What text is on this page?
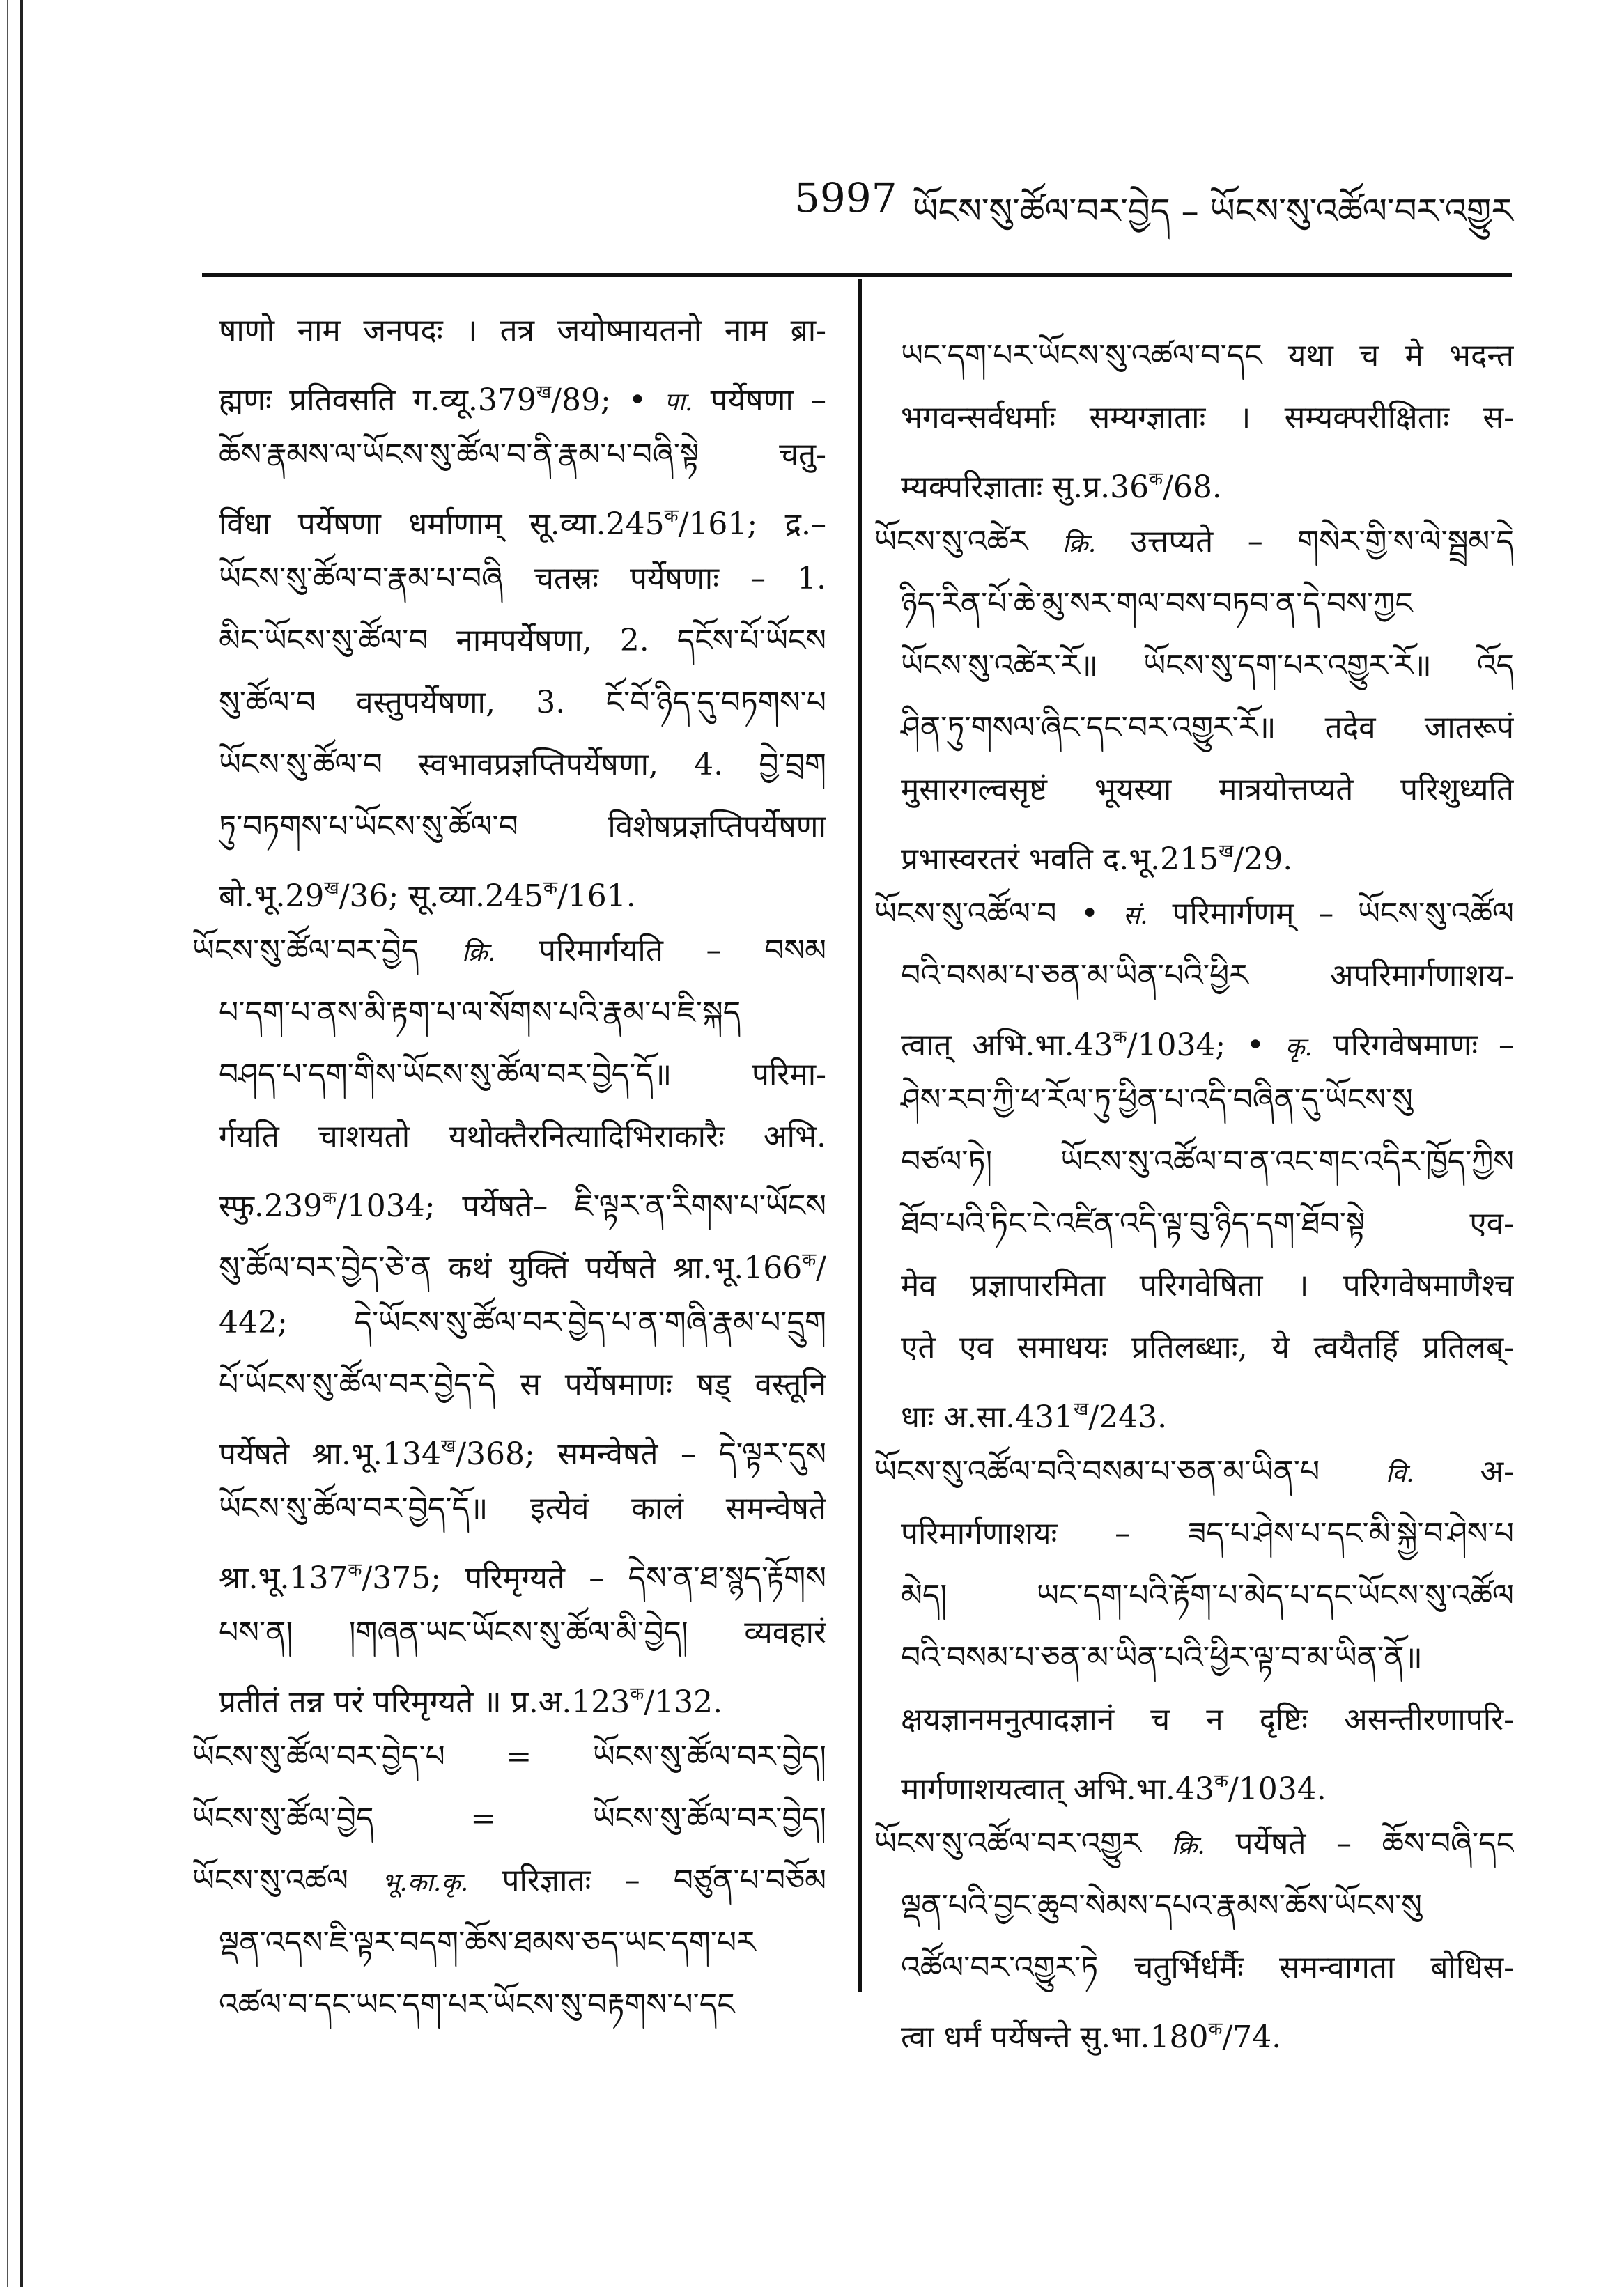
5997 ཡོངས་སུ་ཚོལ་བར་བྱེད – ཡོངས་སུ་འཚོལ་བར་འགྱུར
षाणो नाम जनपदः । तत्र जयोष्मायतनो नाम ब्रा-
ह्मणः प्रतिवसति $ग.व्यू.379^ख/89$; • पा. पर्येषणा –
ཆོས་རྣམས་ལ་ཡོངས་སུ་ཚོལ་བ་ནི་རྣམ་པ་བཞི་སྟེ चतु-
र्विधा पर्येषणा धर्माणाम् $सू.व्या.245^क/161$; द्र.–
ཡོངས་སུ་ཚོལ་བ་རྣམ་པ་བཞི चतस्रः पर्येषणाः – 1.
མིང་ཡོངས་སུ་ཚོལ་བ नामपर्येषणा, 2. དངོས་པོ་ཡོངས
སུ་ཚོལ་བ वस्तुपर्येषणा, 3. ངོ་བོ་ཉིད་དུ་བཏགས་པ
ཡོངས་སུ་ཚོལ་བ स्वभावप्रज्ञप्तिपर्येषणा, 4. བྱེ་བྲག
ཏུ་བཏགས་པ་ཡོངས་སུ་ཚོལ་བ विशेषप्रज्ञप्तिपर्येषणा
$बो.भू.29^ख/36$; $सू.व्या.245^क/161$.
ཡོངས་སུ་ཚོལ་བར་བྱེད क्रि. परिमार्गयति – བསམ
པ་དག་པ་ནས་མི་རྟག་པ་ལ་སོགས་པའི་རྣམ་པ་ཇི་སྐད
བཤད་པ་དག་གིས་ཡོངས་སུ་ཚོལ་བར་བྱེད་དོ॥ परिमा-
र्गयति चाशयतो यथोक्तैरनित्यादिभिराकारैः अभि.
$स्फु.239^क/1034$; पर्येषते– ཇི་ལྟར་ན་རིགས་པ་ཡོངས
སུ་ཚོལ་བར་བྱེད་ཅེ་ན कथं युक्तिं पर्येषते $श्रा.भू.166^क/$
442; དེ་ཡོངས་སུ་ཚོལ་བར་བྱེད་པ་ན་གཞི་རྣམ་པ་དྲུག
པོ་ཡོངས་སུ་ཚོལ་བར་བྱེད་དེ स पर्येषमाणः षड् वस्तूनि
पर्येषते $श्रा.भू.134^ख/368$; समन्वेषते – དེ་ལྟར་དུས
ཡོངས་སུ་ཚོལ་བར་བྱེད་དོ॥ इत्येवं कालं समन्वेषते
$श्रा.भू.137^क/375$; परिमृग्यते – དེས་ན་ཐ་སྙད་རྟོགས
པས་ན། །གཞན་ཡང་ཡོངས་སུ་ཚོལ་མི་བྱེད། व्यवहारं
प्रतीतं तन्न परं परिमृग्यते ॥ $प्र.अ.123^क/132$.
ཡོངས་སུ་ཚོལ་བར་བྱེད་པ = ཡོངས་སུ་ཚོལ་བར་བྱེད།
ཡོངས་སུ་ཚོལ་བྱེད = ཡོངས་སུ་ཚོལ་བར་བྱེད།
ཡོངས་སུ་འཚལ भू.का.कृ. परिज्ञातः – བཙུན་པ་བཅོམ
ལྡན་འདས་ཇི་ལྟར་བདག་ཆོས་ཐམས་ཅད་ཡང་དག་པར
འཚལ་བ་དང་ཡང་དག་པར་ཡོངས་སུ་བརྟགས་པ་དང
ཡང་དག་པར་ཡོངས་སུ་འཚལ་བ་དང यथा च मे भदन्त
भगवन्सर्वधर्माः सम्यग्ज्ञाताः । सम्यक्परीक्षिताः स-
म्यक्परिज्ञाताः $सु.प्र.36^क/68$.
ཡོངས་སུ་འཚེར क्रि. उत्तप्यते – གསེར་གྱི་ས་ལེ་སྦྲམ་དེ
ཉིད་རིན་པོ་ཆེ་མུ་སར་གལ་བས་བཏབ་ན་དེ་བས་ཀྱང
ཡོངས་སུ་འཚེར་རོ॥ ཡོངས་སུ་དག་པར་འགྱུར་རོ॥ འོད
ཤིན་ཏུ་གསལ་ཞིང་དང་བར་འགྱུར་རོ॥ तदेव जातरूपं
मुसारगल्वसृष्टं भूयस्या मात्रयोत्तप्यते परिशुध्यति
प्रभास्वरतरं भवति $द.भू.215^ख/29$.
ཡོངས་སུ་འཚོལ་བ • सं. परिमार्गणम् – ཡོངས་སུ་འཚོལ
བའི་བསམ་པ་ཅན་མ་ཡིན་པའི་ཕྱིར अपरिमार्गणाशय-
त्वात् $अभि.भा.43^क/1034$; • कृ. परिगवेषमाणः –
ཤེས་རབ་ཀྱི་ཕ་རོལ་ཏུ་ཕྱིན་པ་འདི་བཞིན་དུ་ཡོངས་སུ
བཙལ་ཏེ། ཡོངས་སུ་འཚོལ་བ་ན་འང་གང་འདིར་ཁྱོད་ཀྱིས
ཐོབ་པའི་ཏིང་ངེ་འཛིན་འདི་ལྟ་བུ་ཉིད་དག་ཐོབ་སྟེ एव-
मेव प्रज्ञापारमिता परिगवेषिता । परिगवेषमाणैश्च
एते एव समाधयः प्रतिलब्धाः, ये त्वयैतर्हि प्रतिलब्-
धाः $अ.सा.431^ख/243$.
ཡོངས་སུ་འཚོལ་བའི་བསམ་པ་ཅན་མ་ཡིན་པ वि. अ-
परिमार्गणाशयः – ཟད་པ་ཤེས་པ་དང་མི་སྐྱེ་བ་ཤེས་པ
མེད། ཡང་དག་པའི་རྟོག་པ་མེད་པ་དང་ཡོངས་སུ་འཚོལ
བའི་བསམ་པ་ཅན་མ་ཡིན་པའི་ཕྱིར་ལྟ་བ་མ་ཡིན་ནོ॥
क्षयज्ञानमनुत्पादज्ञानं च न दृष्टिः असन्तीरणापरि-
मार्गणाशयत्वात् $अभि.भा.43^क/1034$.
ཡོངས་སུ་འཚོལ་བར་འགྱུར क्रि. पर्येषते – ཆོས་བཞི་དང
ལྡན་པའི་བྱང་ཆུབ་སེམས་དཔའ་རྣམས་ཆོས་ཡོངས་སུ
འཚོལ་བར་འགྱུར་ཏེ चतुर्भिर्धर्मैः समन्वागता बोधिस-
त्वा धर्मं पर्येषन्ते $सु.भा.180^क/74$.
